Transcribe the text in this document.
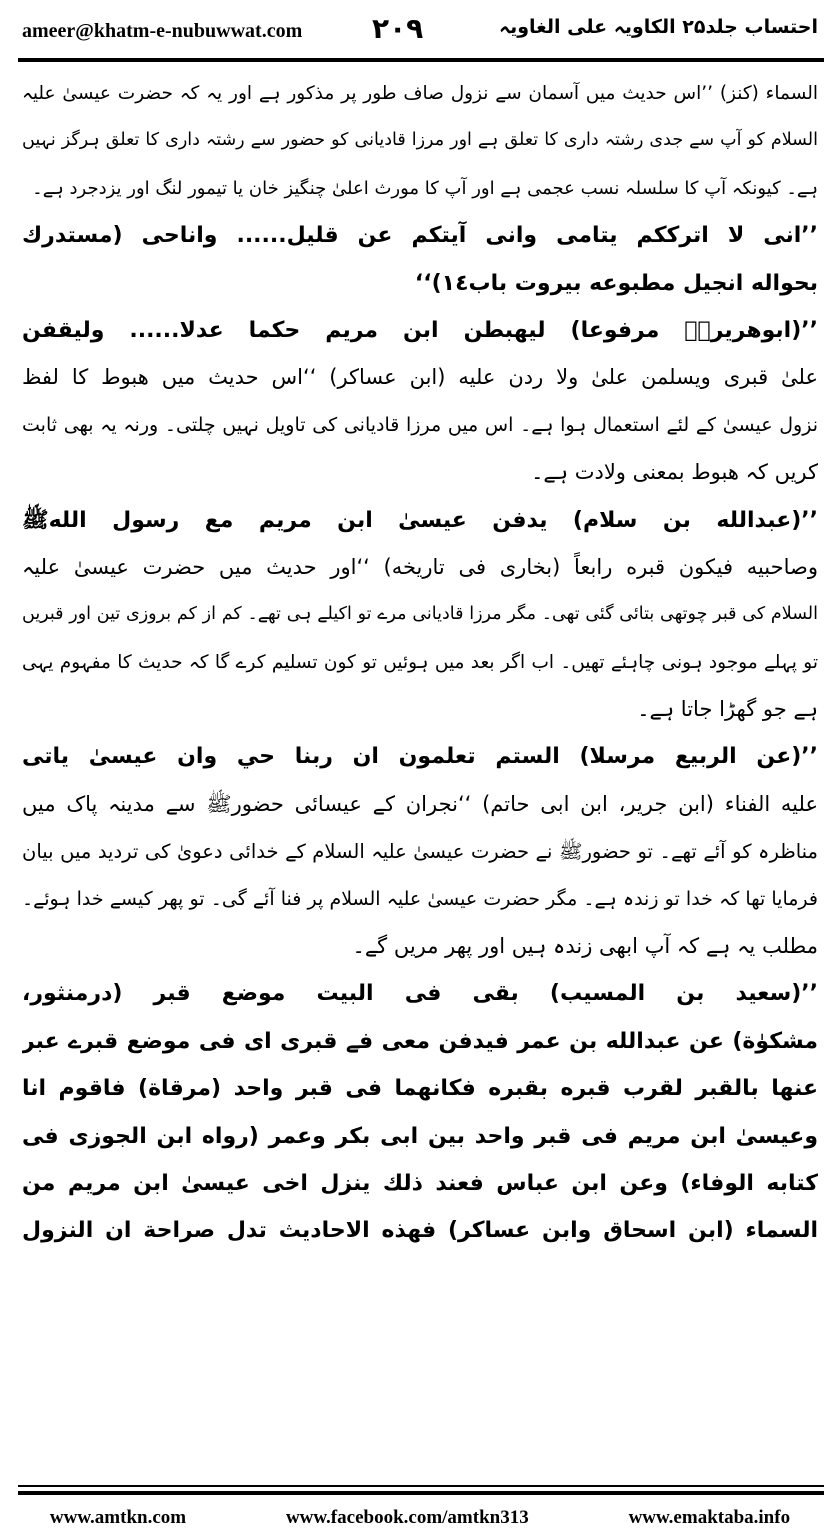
ameer@khatm-e-nubuwwat.com ۲۰۹	احتساب جلد۲۵ الکاویہ علی الغاویہ
السماء (کنز) ’’اس حدیث میں آسمان سے نزول صاف طور پر مذکور ہے اور یہ کہ حضرت عیسیٰ علیہ
السلام کو آپ سے جدی رشتہ داری کا تعلق ہے اور مرزا قادیانی کو حضور سے رشتہ داری کا تعلق ہرگز نہیں
ہے۔ کیونکہ آپ کا سلسلہ نسب عجمی ہے اور آپ کا مورث اعلیٰ چنگیز خان یا تیمور لنگ اور یزدجرد ہے۔
’’انی لا اترککم یتامی وانی آیتکم عن قلیل...... واناحی (مستدرك
بحواله انجیل مطبوعه بیروت باب١٤)‘‘
’’(ابوھریرۃؓ مرفوعا) لیھبطن ابن مریم حکما عدلا...... ولیقفن
علیٰ قبری ویسلمن علیٰ ولا ردن علیه (ابن عساکر) ‘‘اس حدیث میں ھبوط کا لفظ
نزول عیسیٰ کے لئے استعمال ہوا ہے۔ اس میں مرزا قادیانی کی تاویل نہیں چلتی۔ ورنہ یہ بھی ثابت
کریں کہ ھبوط بمعنی ولادت ہے۔
’’(عبدالله بن سلام) یدفن عیسیٰ ابن مریم مع رسول اللهﷺ
وصاحبیه فیکون قبره رابعاً (بخاری فی تاریخه) ‘‘اور حدیث میں حضرت عیسیٰ علیہ
السلام کی قبر چوتھی بتائی گئی تھی۔ مگر مرزا قادیانی مرے تو اکیلے ہی تھے۔ کم از کم بروزی تین اور قبریں
تو پہلے موجود ہونی چاہئے تھیں۔ اب اگر بعد میں ہوئیں تو کون تسلیم کرے گا کہ حدیث کا مفہوم یہی
ہے جو گھڑا جاتا ہے۔
’’(عن الربیع مرسلا) الستم تعلمون ان ربنا حي وان عیسیٰ یاتی
علیه الفناء (ابن جریر، ابن ابی حاتم) ‘‘نجران کے عیسائی حضورﷺ سے مدینہ پاک میں
مناظرہ کو آئے تھے۔ تو حضورﷺ نے حضرت عیسیٰ علیہ السلام کے خدائی دعویٰ کی تردید میں بیان
فرمایا تھا کہ خدا تو زندہ ہے۔ مگر حضرت عیسیٰ علیہ السلام پر فنا آئے گی۔ تو پھر کیسے خدا ہوئے۔
مطلب یہ ہے کہ آپ ابھی زندہ ہیں اور پھر مریں گے۔
’’(سعید بن المسیب) بقی فی البیت موضع قبر (درمنثور،
مشکوٰة) عن عبدالله بن عمر فیدفن معی فے قبری ای فی موضع قبرے عبر
عنها بالقبر لقرب قبره بقبره فکانهما فی قبر واحد (مرقاة) فاقوم انا
وعیسیٰ ابن مریم فی قبر واحد بین ابی بکر وعمر (رواه ابن الجوزی فی
کتابه الوفاء) وعن ابن عباس فعند ذلك ینزل اخی عیسیٰ ابن مریم من
السماء (ابن اسحاق وابن عساکر) فهذه الاحادیث تدل صراحة ان النزول
www.amtkn.com	www.facebook.com/amtkn313	www.emaktaba.info
